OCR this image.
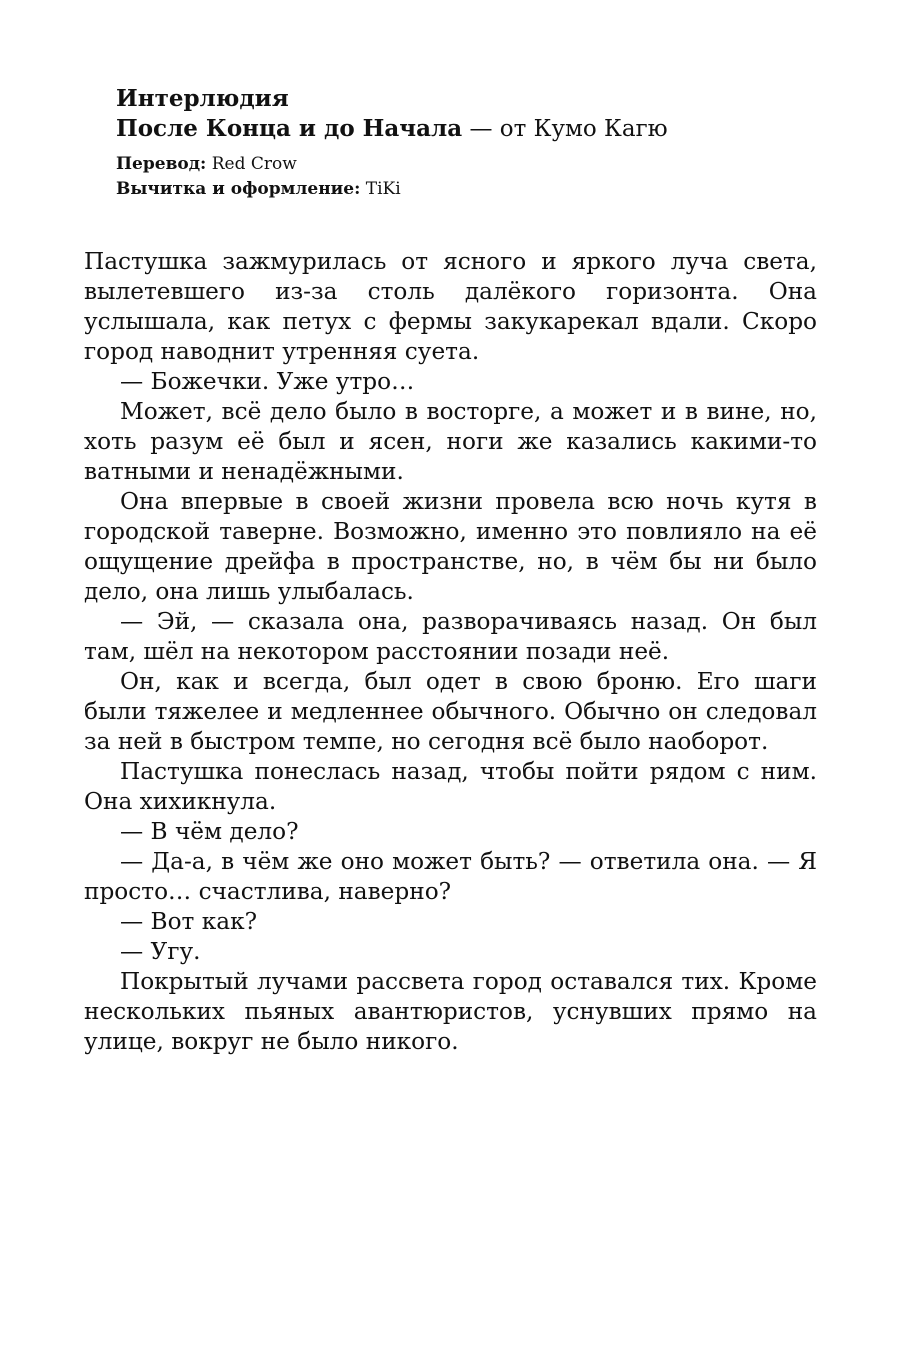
Интерлюдия
После Конца и до Начала — от Кумо Кагю
Перевод: Red Crow
Вычитка и оформление: TiKi

Пастушка зажмурилась от ясного и яркого луча света, вылетевшего из-за столь далёкого горизонта. Она услышала, как петух с фермы закукарекал вдали. Скоро город наводнит утренняя суета.

— Божечки. Уже утро…

Может, всё дело было в восторге, а может и в вине, но, хоть разум её был и ясен, ноги же казались какими-то ватными и ненадёжными.

Она впервые в своей жизни провела всю ночь кутя в городской таверне. Возможно, именно это повлияло на её ощущение дрейфа в пространстве, но, в чём бы ни было дело, она лишь улыбалась.

— Эй, — сказала она, разворачиваясь назад. Он был там, шёл на некотором расстоянии позади неё.

Он, как и всегда, был одет в свою броню. Его шаги были тяжелее и медленнее обычного. Обычно он следовал за ней в быстром темпе, но сегодня всё было наоборот.

Пастушка понеслась назад, чтобы пойти рядом с ним. Она хихикнула.

— В чём дело?

— Да-а, в чём же оно может быть? — ответила она. — Я просто… счастлива, наверно?

— Вот как?

— Угу.

Покрытый лучами рассвета город оставался тих. Кроме нескольких пьяных авантюристов, уснувших прямо на улице, вокруг не было никого.
